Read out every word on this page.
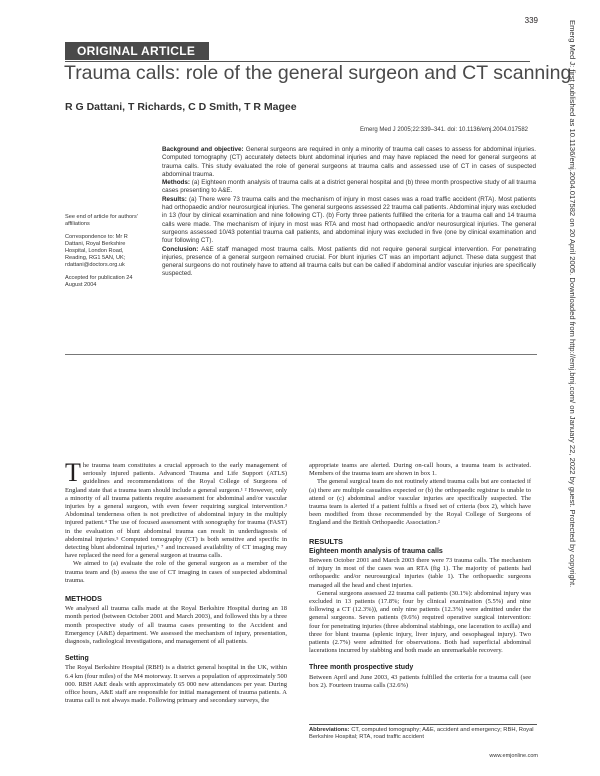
339
ORIGINAL ARTICLE
Trauma calls: role of the general surgeon and CT scanning
R G Dattani, T Richards, C D Smith, T R Magee
Emerg Med J 2005;22:339–341. doi: 10.1136/emj.2004.017582

See end of article for authors' affiliations

Correspondence to: Mr R Dattani, Royal Berkshire Hospital, London Road, Reading, RG1 5AN, UK; rdattani@doctors.org.uk

Accepted for publication 24 August 2004

Background and objective: General surgeons are required in only a minority of trauma call cases to assess for abdominal injuries. Computed tomography (CT) accurately detects blunt abdominal injuries and may have replaced the need for general surgeons at trauma calls. This study evaluated the role of general surgeons at trauma calls and assessed use of CT in cases of suspected abdominal trauma.

Methods: (a) Eighteen month analysis of trauma calls at a district general hospital and (b) three month prospective study of all trauma cases presenting to A&E.

Results: (a) There were 73 trauma calls and the mechanism of injury in most cases was a road traffic accident (RTA). Most patients had orthopaedic and/or neurosurgical injuries. The general surgeons assessed 22 trauma call patients. Abdominal injury was excluded in 13 (four by clinical examination and nine following CT). (b) Forty three patients fulfilled the criteria for a trauma call and 14 trauma calls were made. The mechanism of injury in most was RTA and most had orthopaedic and/or neurosurgical injuries. The general surgeons assessed 10/43 potential trauma call patients, and abdominal injury was excluded in five (one by clinical examination and four following CT).

Conclusion: A&E staff managed most trauma calls. Most patients did not require general surgical intervention. For penetrating injuries, presence of a general surgeon remained crucial. For blunt injuries CT was an important adjunct. These data suggest that general surgeons do not routinely have to attend all trauma calls but can be called if abdominal and/or vascular injuries are specifically suspected.

The trauma team constitutes a crucial approach to the early management of seriously injured patients. Advanced Trauma and Life Support (ATLS) guidelines and recommendations of the Royal College of Surgeons of England state that a trauma team should include a general surgeon.¹ ² However, only a minority of all trauma patients require assessment for abdominal and/or vascular injuries by a general surgeon, with even fewer requiring surgical intervention.³ Abdominal tenderness often is not predictive of abdominal injury in the multiply injured patient.⁴ The use of focused assessment with sonography for trauma (FAST) in the evaluation of blunt abdominal trauma can result in underdiagnosis of abdominal injuries.⁵ Computed tomography (CT) is both sensitive and specific in detecting blunt abdominal injuries,⁶ ⁷ and increased availability of CT imaging may have replaced the need for a general surgeon at trauma calls.

We aimed to (a) evaluate the role of the general surgeon as a member of the trauma team and (b) assess the use of CT imaging in cases of suspected abdominal trauma.

METHODS

We analysed all trauma calls made at the Royal Berkshire Hospital during an 18 month period (between October 2001 and March 2003), and followed this by a three month prospective study of all trauma cases presenting to the Accident and Emergency (A&E) department. We assessed the mechanism of injury, presentation, diagnosis, radiological investigations, and management of all patients.

Setting

The Royal Berkshire Hospital (RBH) is a district general hospital in the UK, within 6.4 km (four miles) of the M4 motorway. It serves a population of approximately 500 000. RBH A&E deals with approximately 65 000 new attendances per year. During office hours, A&E staff are responsible for initial management of trauma patients. A trauma call is not always made. Following primary and secondary surveys, the

appropriate teams are alerted. During on-call hours, a trauma team is activated. Members of the trauma team are shown in box 1.

The general surgical team do not routinely attend trauma calls but are contacted if (a) there are multiple casualties expected or (b) the orthopaedic registrar is unable to attend or (c) abdominal and/or vascular injuries are specifically suspected. The trauma team is alerted if a patient fulfils a fixed set of criteria (box 2), which have been modified from those recommended by the Royal College of Surgeons of England and the British Orthopaedic Association.²

RESULTS
Eighteen month analysis of trauma calls

Between October 2001 and March 2003 there were 73 trauma calls. The mechanism of injury in most of the cases was an RTA (fig 1). The majority of patients had orthopaedic and/or neurosurgical injuries (table 1). The orthopaedic surgeons managed all the head and chest injuries.

General surgeons assessed 22 trauma call patients (30.1%): abdominal injury was excluded in 13 patients (17.8%; four by clinical examination (5.5%) and nine following a CT (12.3%)), and only nine patients (12.3%) were admitted under the general surgeons. Seven patients (9.6%) required operative surgical intervention: four for penetrating injuries (three abdominal stabbings, one laceration to axilla) and three for blunt trauma (splenic injury, liver injury, and oesophageal injury). Two patients (2.7%) were admitted for observations. Both had superficial abdominal lacerations incurred by stabbing and both made an unremarkable recovery.

Three month prospective study

Between April and June 2003, 43 patients fulfilled the criteria for a trauma call (see box 2). Fourteen trauma calls (32.6%)

Abbreviations: CT, computed tomography; A&E, accident and emergency; RBH, Royal Berkshire Hospital; RTA, road traffic accident
www.emjonline.com
Emerg Med J: first published as 10.1136/emj.2004.017582 on 20 April 2005. Downloaded from http://emj.bmj.com/ on January 22, 2022 by guest. Protected by copyright.
